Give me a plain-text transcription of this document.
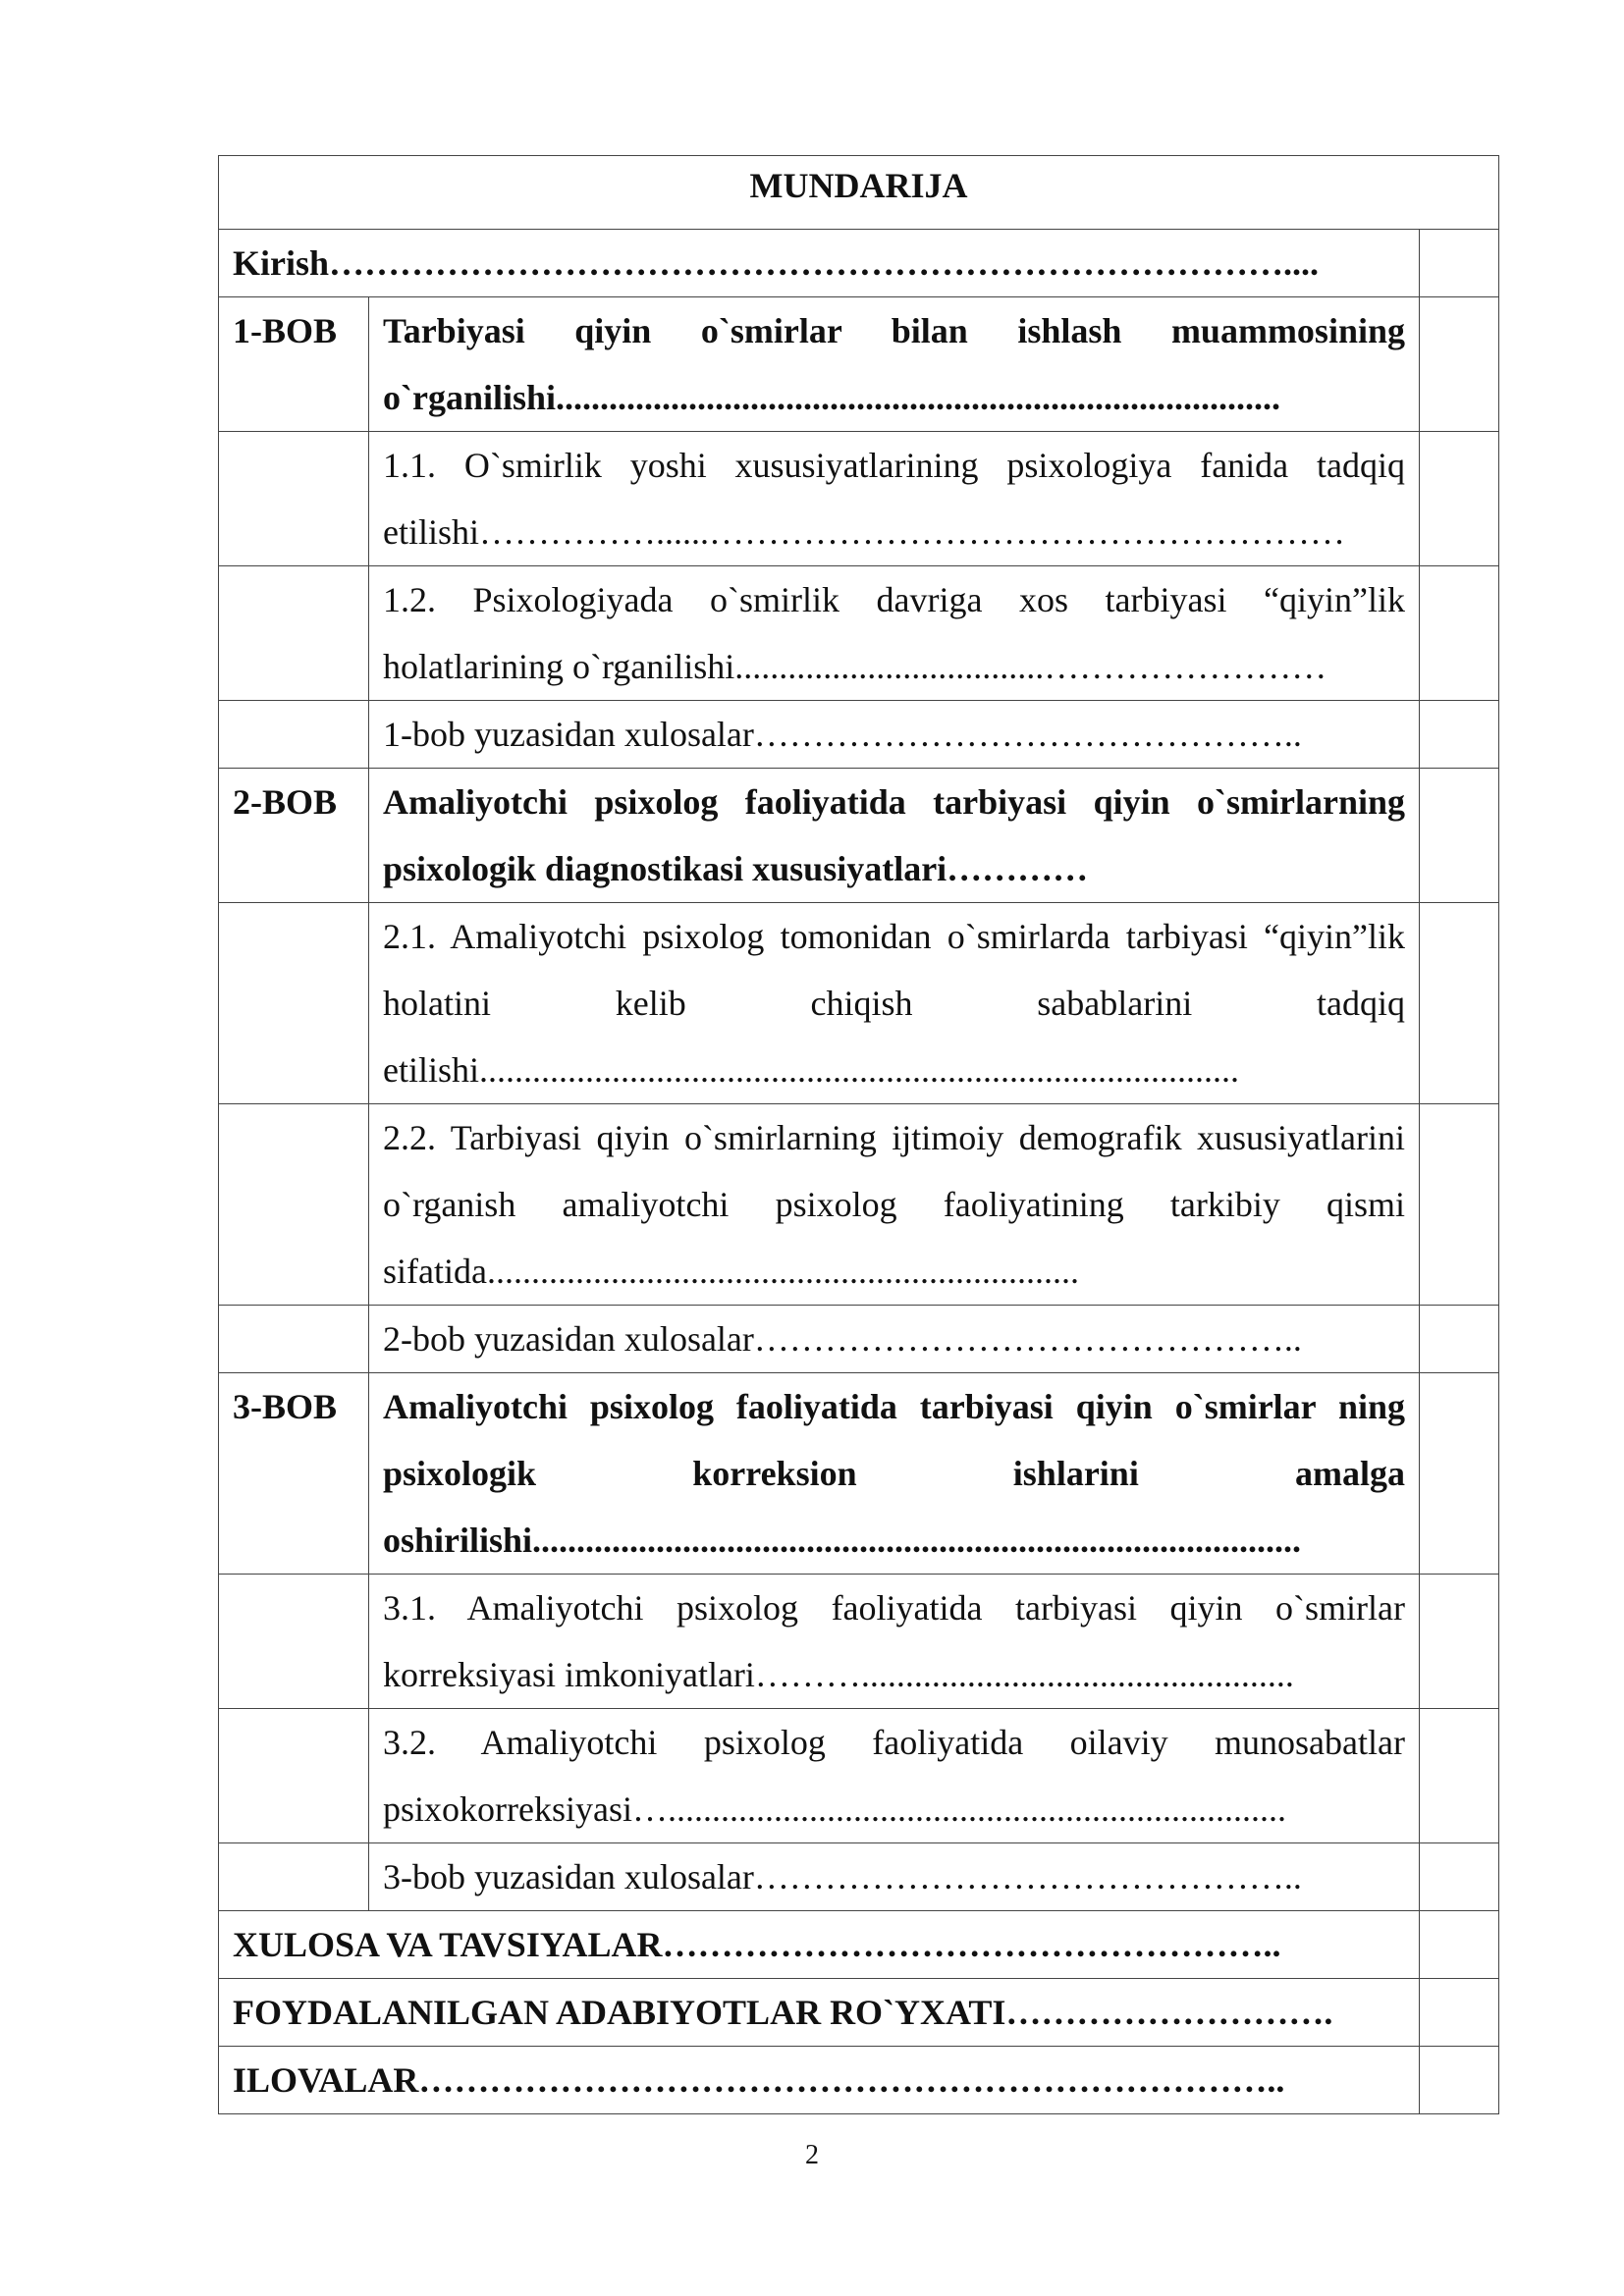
MUNDARIJA		
Kirish………………………………………………………………………....		
1-BOB	Tarbiyasi qiyin o`smirlar bilan ishlash muammosining o`rganilishi..................................................................................	
	1.1. O`smirlik yoshi xususiyatlarining psixologiya fanida tadqiq etilishi……………......………………………………………………	
	1.2. Psixologiyada o`smirlik davriga xos tarbiyasi “qiyin”lik holatlarining o`rganilishi...................................……………………	
	1-bob yuzasidan xulosalar………………………………………..	
2-BOB	Amaliyotchi psixolog faoliyatida tarbiyasi qiyin o`smirlarning psixologik diagnostikasi xususiyatlari…………	
	2.1. Amaliyotchi psixolog tomonidan o`smirlarda tarbiyasi “qiyin”lik holatini kelib chiqish sabablarini tadqiq etilishi......................................................................................	
	2.2. Tarbiyasi qiyin o`smirlarning ijtimoiy demografik xususiyatlarini o`rganish amaliyotchi psixolog faoliyatining tarkibiy qismi sifatida...................................................................	
	2-bob yuzasidan xulosalar………………………………………..	
3-BOB	Amaliyotchi psixolog faoliyatida tarbiyasi qiyin o`smirlar ning psixologik korreksion ishlarini amalga oshirilishi.......................................................................................	
	3.1. Amaliyotchi psixolog faoliyatida tarbiyasi qiyin o`smirlar korreksiyasi imkoniyatlari……….................................................	
	3.2. Amaliyotchi psixolog faoliyatida oilaviy munosabatlar psixokorreksiyasi…......................................................................	
	3-bob yuzasidan xulosalar………………………………………..	
XULOSA VA TAVSIYALAR……………………………………………..		
FOYDALANILGAN ADABIYOTLAR RO`YXATI……………………….		
ILOVALAR………………………………………………………………..		
2
